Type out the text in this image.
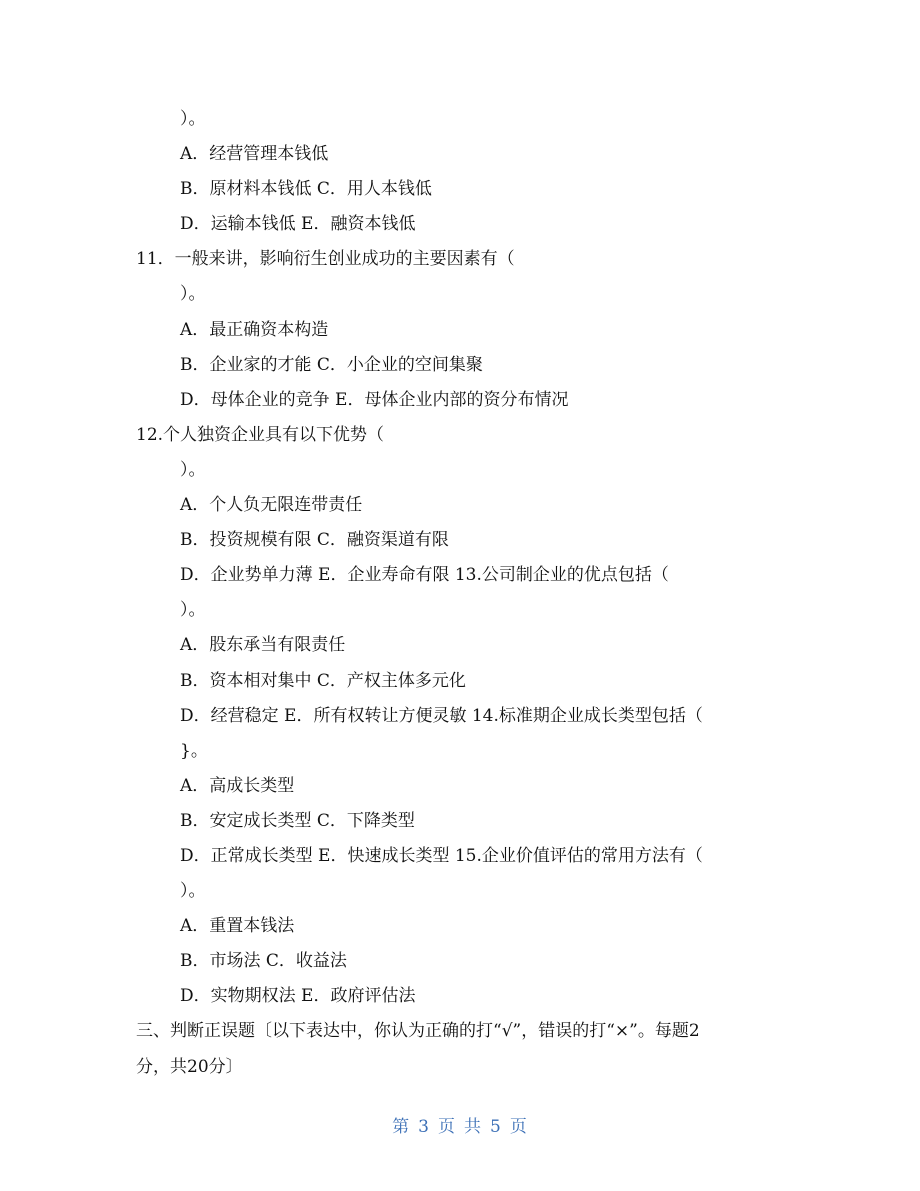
）。
A．经营管理本钱低
B．原材料本钱低 C．用人本钱低
D．运输本钱低 E．融资本钱低
11．一般来讲，影响衍生创业成功的主要因素有（
）。
A．最正确资本构造
B．企业家的才能 C．小企业的空间集聚
D．母体企业的竞争 E．母体企业内部的资分布情况
12.个人独资企业具有以下优势（
）。
A．个人负无限连带责任
B．投资规模有限 C．融资渠道有限
D．企业势单力薄 E．企业寿命有限 13.公司制企业的优点包括（
）。
A．股东承当有限责任
B．资本相对集中 C．产权主体多元化
D．经营稳定 E．所有权转让方便灵敏 14.标准期企业成长类型包括（
}。
A．高成长类型
B．安定成长类型 C．下降类型
D．正常成长类型 E．快速成长类型 15.企业价值评估的常用方法有（
）。
A．重置本钱法
B．市场法 C．收益法
D．实物期权法 E．政府评估法
三、判断正误题〔以下表达中，你认为正确的打“√”，错误的打“×”。每题2
分，共20分〕
第 3 页 共 5 页
